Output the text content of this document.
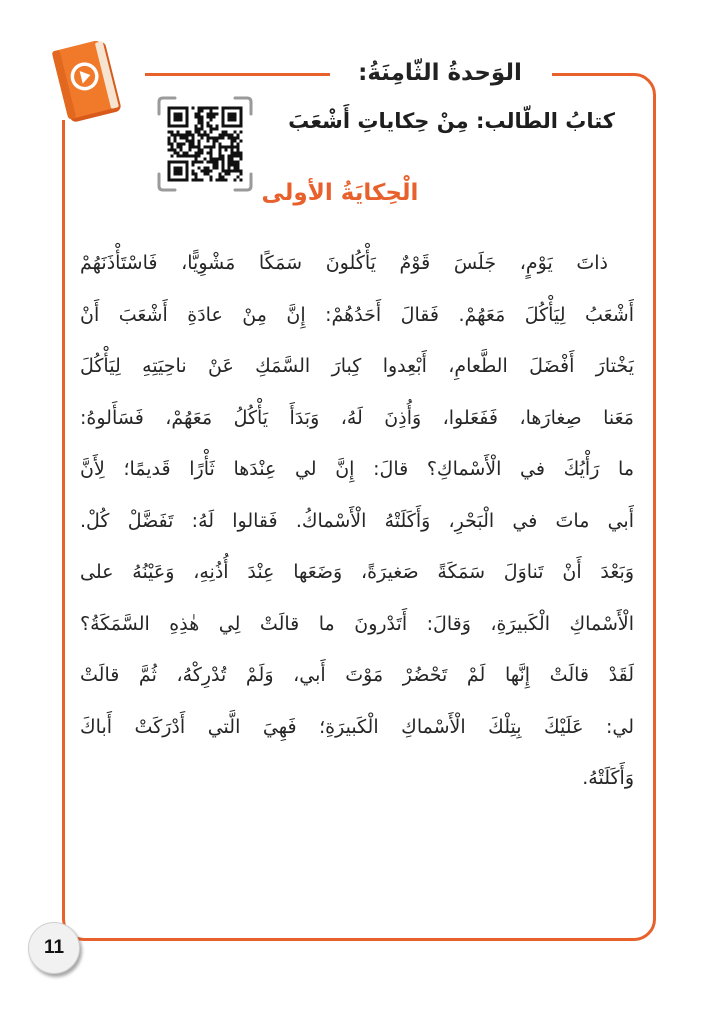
الوَحدةُ الثّامِنَةُ:
كتابُ الطّالب: مِنْ حِكاياتِ أَشْعَبَ
الْحِكايَةُ الأولى
ذاتَ يَوْمٍ، جَلَسَ قَوْمٌ يَأْكُلونَ سَمَكًا مَشْوِيًّا، فَاسْتَأْذَنَهُمْ
أَشْعَبُ لِيَأْكُلَ مَعَهُمْ. فَقالَ أَحَدُهُمْ: إِنَّ مِنْ عادَةِ أَشْعَبَ أَنْ
يَخْتارَ أَفْضَلَ الطَّعامِ، أَبْعِدوا كِبارَ السَّمَكِ عَنْ ناحِيَتِهِ لِيَأْكُلَ
مَعَنا صِغارَها، فَفَعَلوا، وَأُذِنَ لَهُ، وَبَدَأَ يَأْكُلُ مَعَهُمْ، فَسَأَلوهُ:
ما رَأْيُكَ في الْأَسْماكِ؟ قالَ: إِنَّ لي عِنْدَها ثَأْرًا قَديمًا؛ لِأَنَّ
أَبي ماتَ في الْبَحْرِ، وَأَكَلَتْهُ الْأَسْماكُ. فَقالوا لَهُ: تَفَضَّلْ كُلْ.
وَبَعْدَ أَنْ تَناوَلَ سَمَكَةً صَغيرَةً، وَضَعَها عِنْدَ أُذُنِهِ، وَعَيْنُهُ على
الْأَسْماكِ الْكَبيرَةِ، وَقالَ: أَتَدْرونَ ما قالَتْ لِي هٰذِهِ السَّمَكَةُ؟
لَقَدْ قالَتْ إِنَّها لَمْ تَحْضُرْ مَوْتَ أَبي، وَلَمْ تُدْرِكْهُ، ثُمَّ قالَتْ
لي: عَلَيْكَ بِتِلْكَ الْأَسْماكِ الْكَبيرَةِ؛ فَهِيَ الَّتي أَدْرَكَتْ أَباكَ
وَأَكَلَتْهُ.
11
